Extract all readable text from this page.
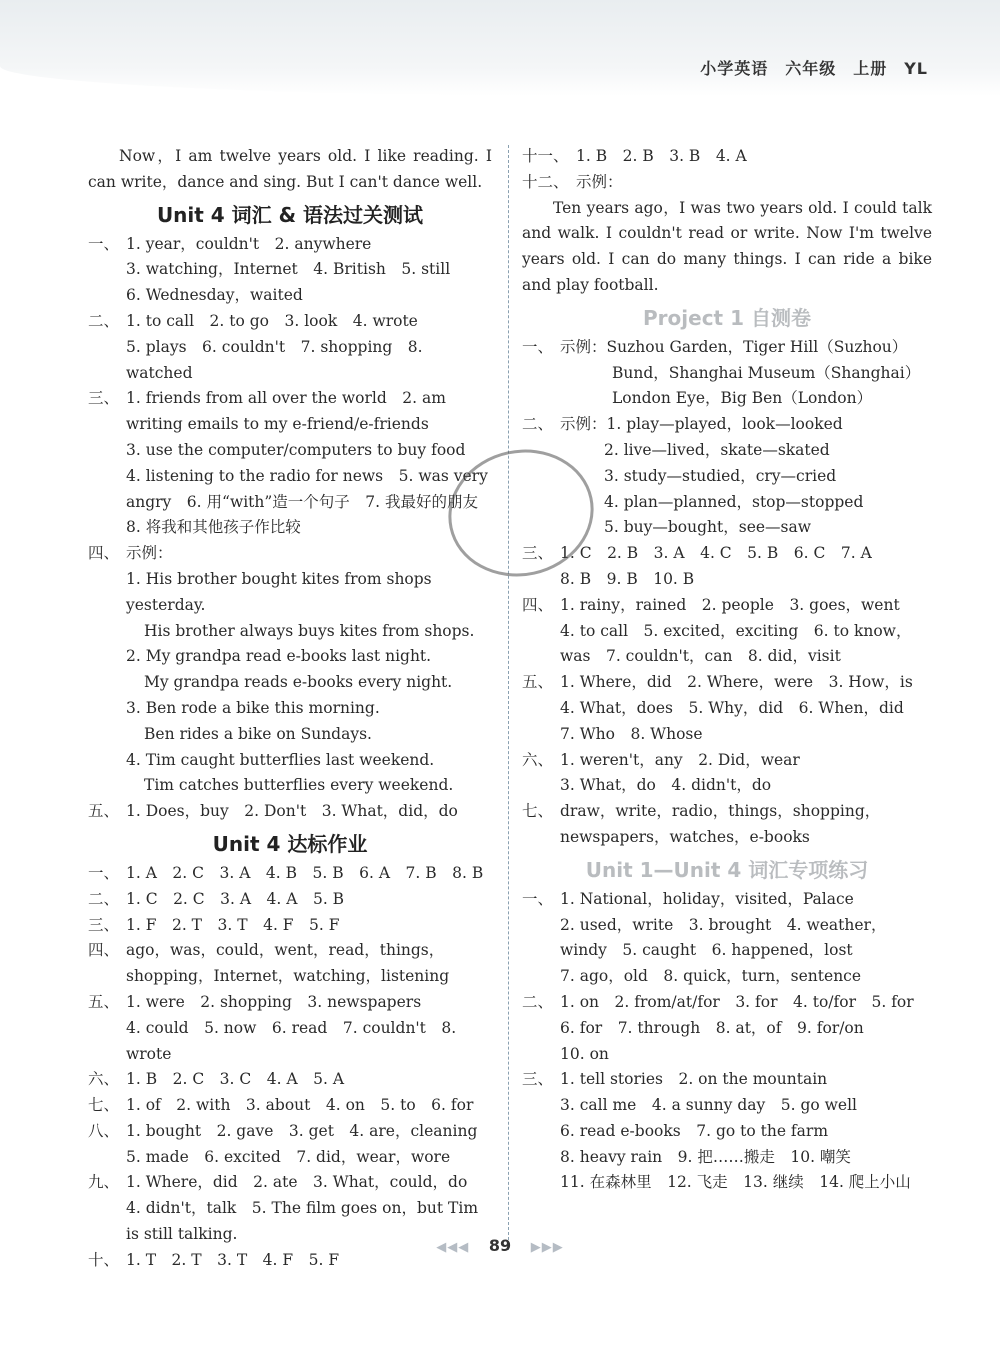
小学英语　六年级　上册　YL
Now，I am twelve years old. I like reading. I can write，dance and sing. But I can't dance well.
Unit 4 词汇 & 语法过关测试
一、 1. year，couldn't　2. anywhere
3. watching，Internet　4. British　5. still
6. Wednesday，waited
二、 1. to call　2. to go　3. look　4. wrote
5. plays　6. couldn't　7. shopping　8. watched
三、 1. friends from all over the world　2. am writing emails to my e-friend/e-friends
3. use the computer/computers to buy food
4. listening to the radio for news　5. was very angry　6. 用“with”造一个句子　7. 我最好的朋友　8. 将我和其他孩子作比较
四、 示例：
1. His brother bought kites from shops yesterday.
His brother always buys kites from shops.
2. My grandpa read e-books last night.
My grandpa reads e-books every night.
3. Ben rode a bike this morning.
Ben rides a bike on Sundays.
4. Tim caught butterflies last weekend.
Tim catches butterflies every weekend.
五、 1. Does，buy　2. Don't　3. What，did，do
Unit 4 达标作业
一、 1. A　2. C　3. A　4. B　5. B　6. A　7. B　8. B
二、 1. C　2. C　3. A　4. A　5. B
三、 1. F　2. T　3. T　4. F　5. F
四、 ago，was，could，went，read，things，shopping，Internet，watching，listening
五、 1. were　2. shopping　3. newspapers
4. could　5. now　6. read　7. couldn't　8. wrote
六、 1. B　2. C　3. C　4. A　5. A
七、 1. of　2. with　3. about　4. on　5. to　6. for
八、 1. bought　2. gave　3. get　4. are，cleaning
5. made　6. excited　7. did，wear，wore
九、 1. Where，did　2. ate　3. What，could，do
4. didn't，talk　5. The film goes on，but Tim is still talking.
十、 1. T　2. T　3. T　4. F　5. F
十一、 1. B　2. B　3. B　4. A
十二、 示例：
Ten years ago，I was two years old. I could talk and walk. I couldn't read or write. Now I'm twelve years old. I can do many things. I can ride a bike and play football.
Project 1 自测卷
一、 示例：Suzhou Garden，Tiger Hill（Suzhou）
Bund，Shanghai Museum（Shanghai）
London Eye，Big Ben（London）
二、 示例：1. play—played，look—looked
2. live—lived，skate—skated
3. study—studied，cry—cried
4. plan—planned，stop—stopped
5. buy—bought，see—saw
三、 1. C　2. B　3. A　4. C　5. B　6. C　7. A
8. B　9. B　10. B
四、 1. rainy，rained　2. people　3. goes，went
4. to call　5. excited，exciting　6. to know，was　7. couldn't，can　8. did，visit
五、 1. Where，did　2. Where，were　3. How，is
4. What，does　5. Why，did　6. When，did
7. Who　8. Whose
六、 1. weren't，any　2. Did，wear
3. What，do　4. didn't，do
七、 draw，write，radio，things，shopping，newspapers，watches，e-books
Unit 1—Unit 4 词汇专项练习
一、 1. National，holiday，visited，Palace
2. used，write　3. brought　4. weather，windy　5. caught　6. happened，lost
7. ago，old　8. quick，turn，sentence
二、 1. on　2. from/at/for　3. for　4. to/for　5. for
6. for　7. through　8. at，of　9. for/on
10. on
三、 1. tell stories　2. on the mountain
3. call me　4. a sunny day　5. go well
6. read e-books　7. go to the farm
8. heavy rain　9. 把……搬走　10. 嘲笑
11. 在森林里　12. 飞走　13. 继续　14. 爬上小山
◀◀◀ 89 ▶▶▶
